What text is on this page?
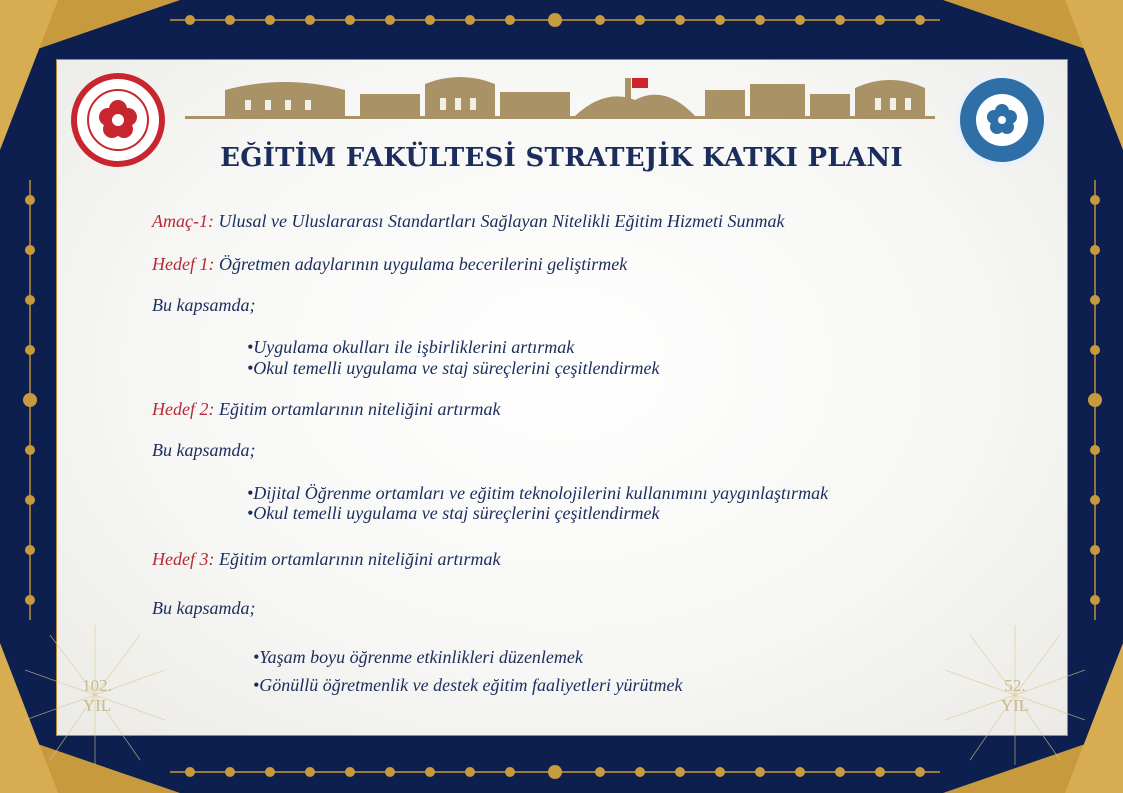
EĞİTİM FAKÜLTESİ STRATEJİK KATKI PLANI
Amaç-1: Ulusal ve Uluslararası Standartları Sağlayan Nitelikli Eğitim Hizmeti Sunmak
Hedef 1: Öğretmen adaylarının uygulama becerilerini geliştirmek
Bu kapsamda;
•Uygulama okulları ile işbirliklerini artırmak
•Okul temelli uygulama ve staj süreçlerini çeşitlendirmek
Hedef 2: Eğitim ortamlarının niteliğini artırmak
Bu kapsamda;
•Dijital Öğrenme ortamları ve eğitim teknolojilerini kullanımını yaygınlaştırmak
•Okul temelli uygulama ve staj süreçlerini çeşitlendirmek
Hedef 3: Eğitim ortamlarının niteliğini artırmak
Bu kapsamda;
•Yaşam boyu öğrenme etkinlikleri düzenlemek
•Gönüllü öğretmenlik ve destek eğitim faaliyetleri yürütmek
102.
YIL
52.
YIL
